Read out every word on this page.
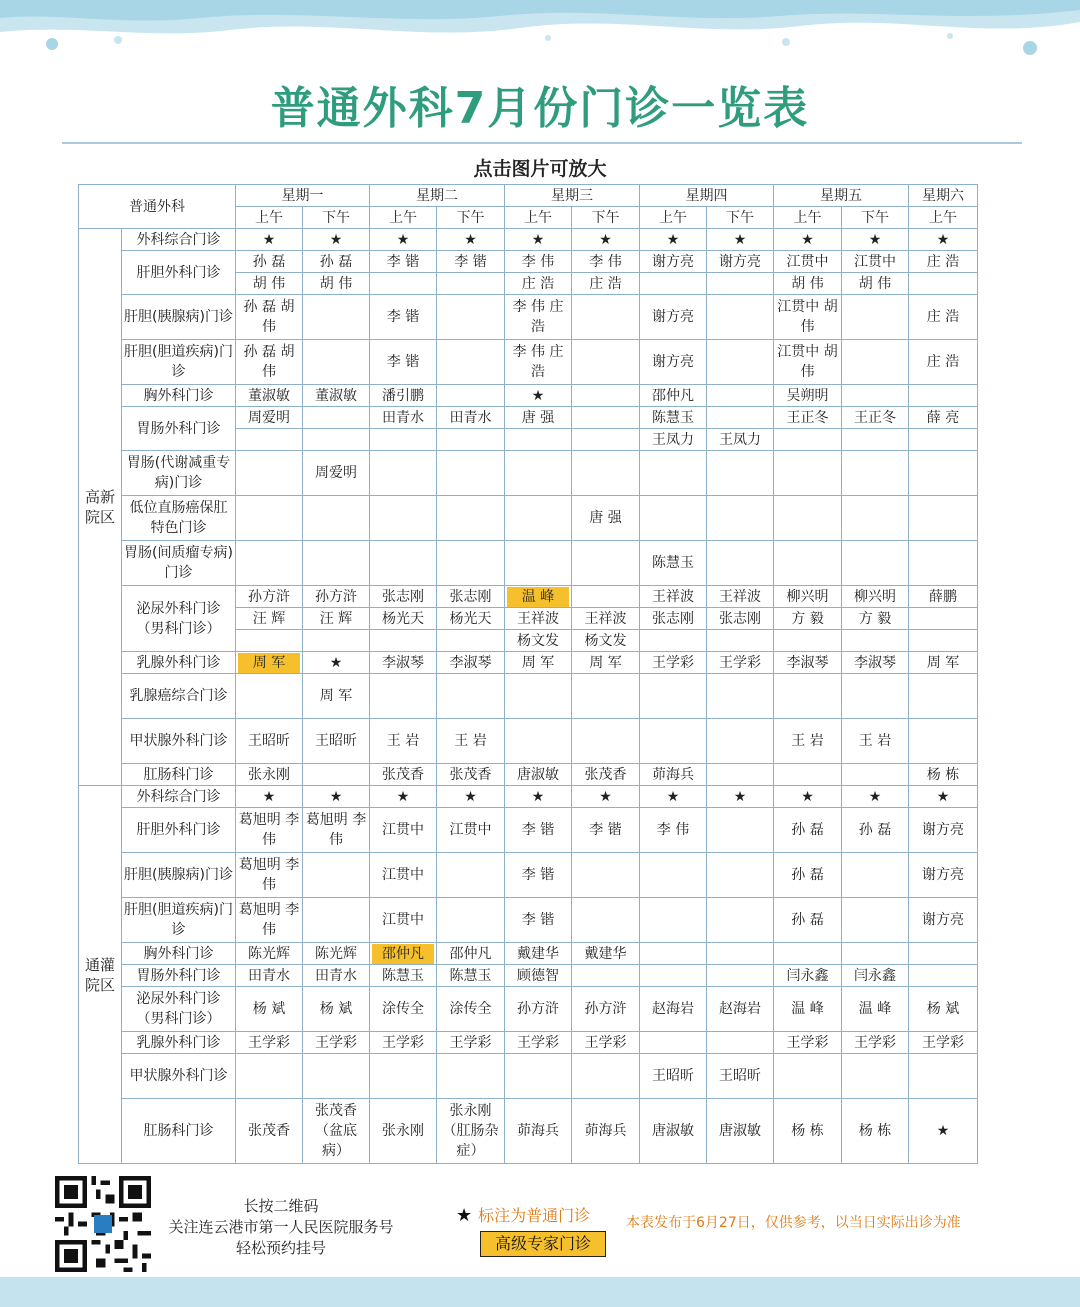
普通外科7月份门诊一览表
点击图片可放大
普通外科		星期一		星期二		星期三		星期四		星期五		星期六
		上午	下午	上午	下午	上午	下午	上午	下午	上午	下午	上午
高新院区	外科综合门诊	★	★	★	★	★	★	★	★	★	★	★
	肝胆外科门诊	孙 磊	孙 磊	李 锴	李 锴	李 伟	李 伟	谢方亮	谢方亮	江贯中	江贯中	庄 浩
		胡 伟	胡 伟			庄 浩	庄 浩			胡 伟	胡 伟	
	肝胆(胰腺病)门诊	孙 磊 胡伟		李 锴		李 伟 庄浩		谢方亮		江贯中 胡伟		庄 浩
	肝胆(胆道疾病)门诊	孙 磊 胡伟		李 锴		李 伟 庄浩		谢方亮		江贯中 胡伟		庄 浩
	胸外科门诊	董淑敏	董淑敏	潘引鹏		★		邵仲凡		吴朔明		
	胃肠外科门诊	周爱明		田青水	田青水	唐 强		陈慧玉		王正冬	王正冬	薛 亮
								王凤力	王凤力			
	胃肠(代谢减重专病)门诊		周爱明									
	低位直肠癌保肛特色门诊						唐 强					
	胃肠(间质瘤专病)门诊							陈慧玉				
	泌尿外科门诊（男科门诊）	孙方浒	孙方浒	张志刚	张志刚	温 峰		王祥波	王祥波	柳兴明	柳兴明	薛鹏
		汪 辉	汪 辉	杨光天	杨光天	王祥波	王祥波	张志刚	张志刚	方 毅	方 毅	
						杨文发	杨文发					
	乳腺外科门诊	周 军	★	李淑琴	李淑琴	周 军	周 军	王学彩	王学彩	李淑琴	李淑琴	周 军
	乳腺癌综合门诊		周 军									
	甲状腺外科门诊	王昭昕	王昭昕	王 岩	王 岩					王 岩	王 岩	
	肛肠科门诊	张永刚		张茂香	张茂香	唐淑敏	张茂香	茆海兵				杨 栋
通灌院区	外科综合门诊	★	★	★	★	★	★	★	★	★	★	★
	肝胆外科门诊	葛旭明 李伟	葛旭明 李伟	江贯中	江贯中	李 锴	李 锴	李 伟		孙 磊	孙 磊	谢方亮
	肝胆(胰腺病)门诊	葛旭明 李伟		江贯中		李 锴				孙 磊		谢方亮
	肝胆(胆道疾病)门诊	葛旭明 李伟		江贯中		李 锴				孙 磊		谢方亮
	胸外科门诊	陈光辉	陈光辉	邵仲凡	邵仲凡	戴建华	戴建华					
	胃肠外科门诊	田青水	田青水	陈慧玉	陈慧玉	顾德智				闫永鑫	闫永鑫	
	泌尿外科门诊（男科门诊）	杨 斌	杨 斌	涂传全	涂传全	孙方浒	孙方浒	赵海岩	赵海岩	温 峰	温 峰	杨 斌
	乳腺外科门诊	王学彩	王学彩	王学彩	王学彩	王学彩	王学彩			王学彩	王学彩	王学彩
	甲状腺外科门诊							王昭昕	王昭昕			
	肛肠科门诊	张茂香	张茂香（盆底病）	张永刚	张永刚（肛肠杂症）	茆海兵	茆海兵	唐淑敏	唐淑敏	杨 栋	杨 栋	★
长按二维码
关注连云港市第一人民医院服务号
轻松预约挂号
★ 标注为普通门诊
高级专家门诊
本表发布于6月27日，仅供参考，以当日实际出诊为准
